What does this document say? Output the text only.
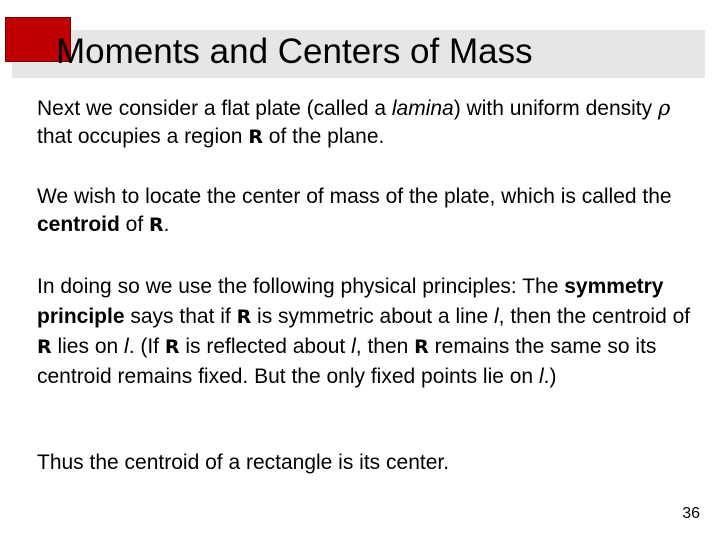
Moments and Centers of Mass

Next we consider a flat plate (called a lamina) with uniform density ρ that occupies a region R of the plane.

We wish to locate the center of mass of the plate, which is called the centroid of R.

In doing so we use the following physical principles: The symmetry principle says that if R is symmetric about a line l, then the centroid of R lies on l. (If R is reflected about l, then R remains the same so its centroid remains fixed. But the only fixed points lie on l.)

Thus the centroid of a rectangle is its center.

36
